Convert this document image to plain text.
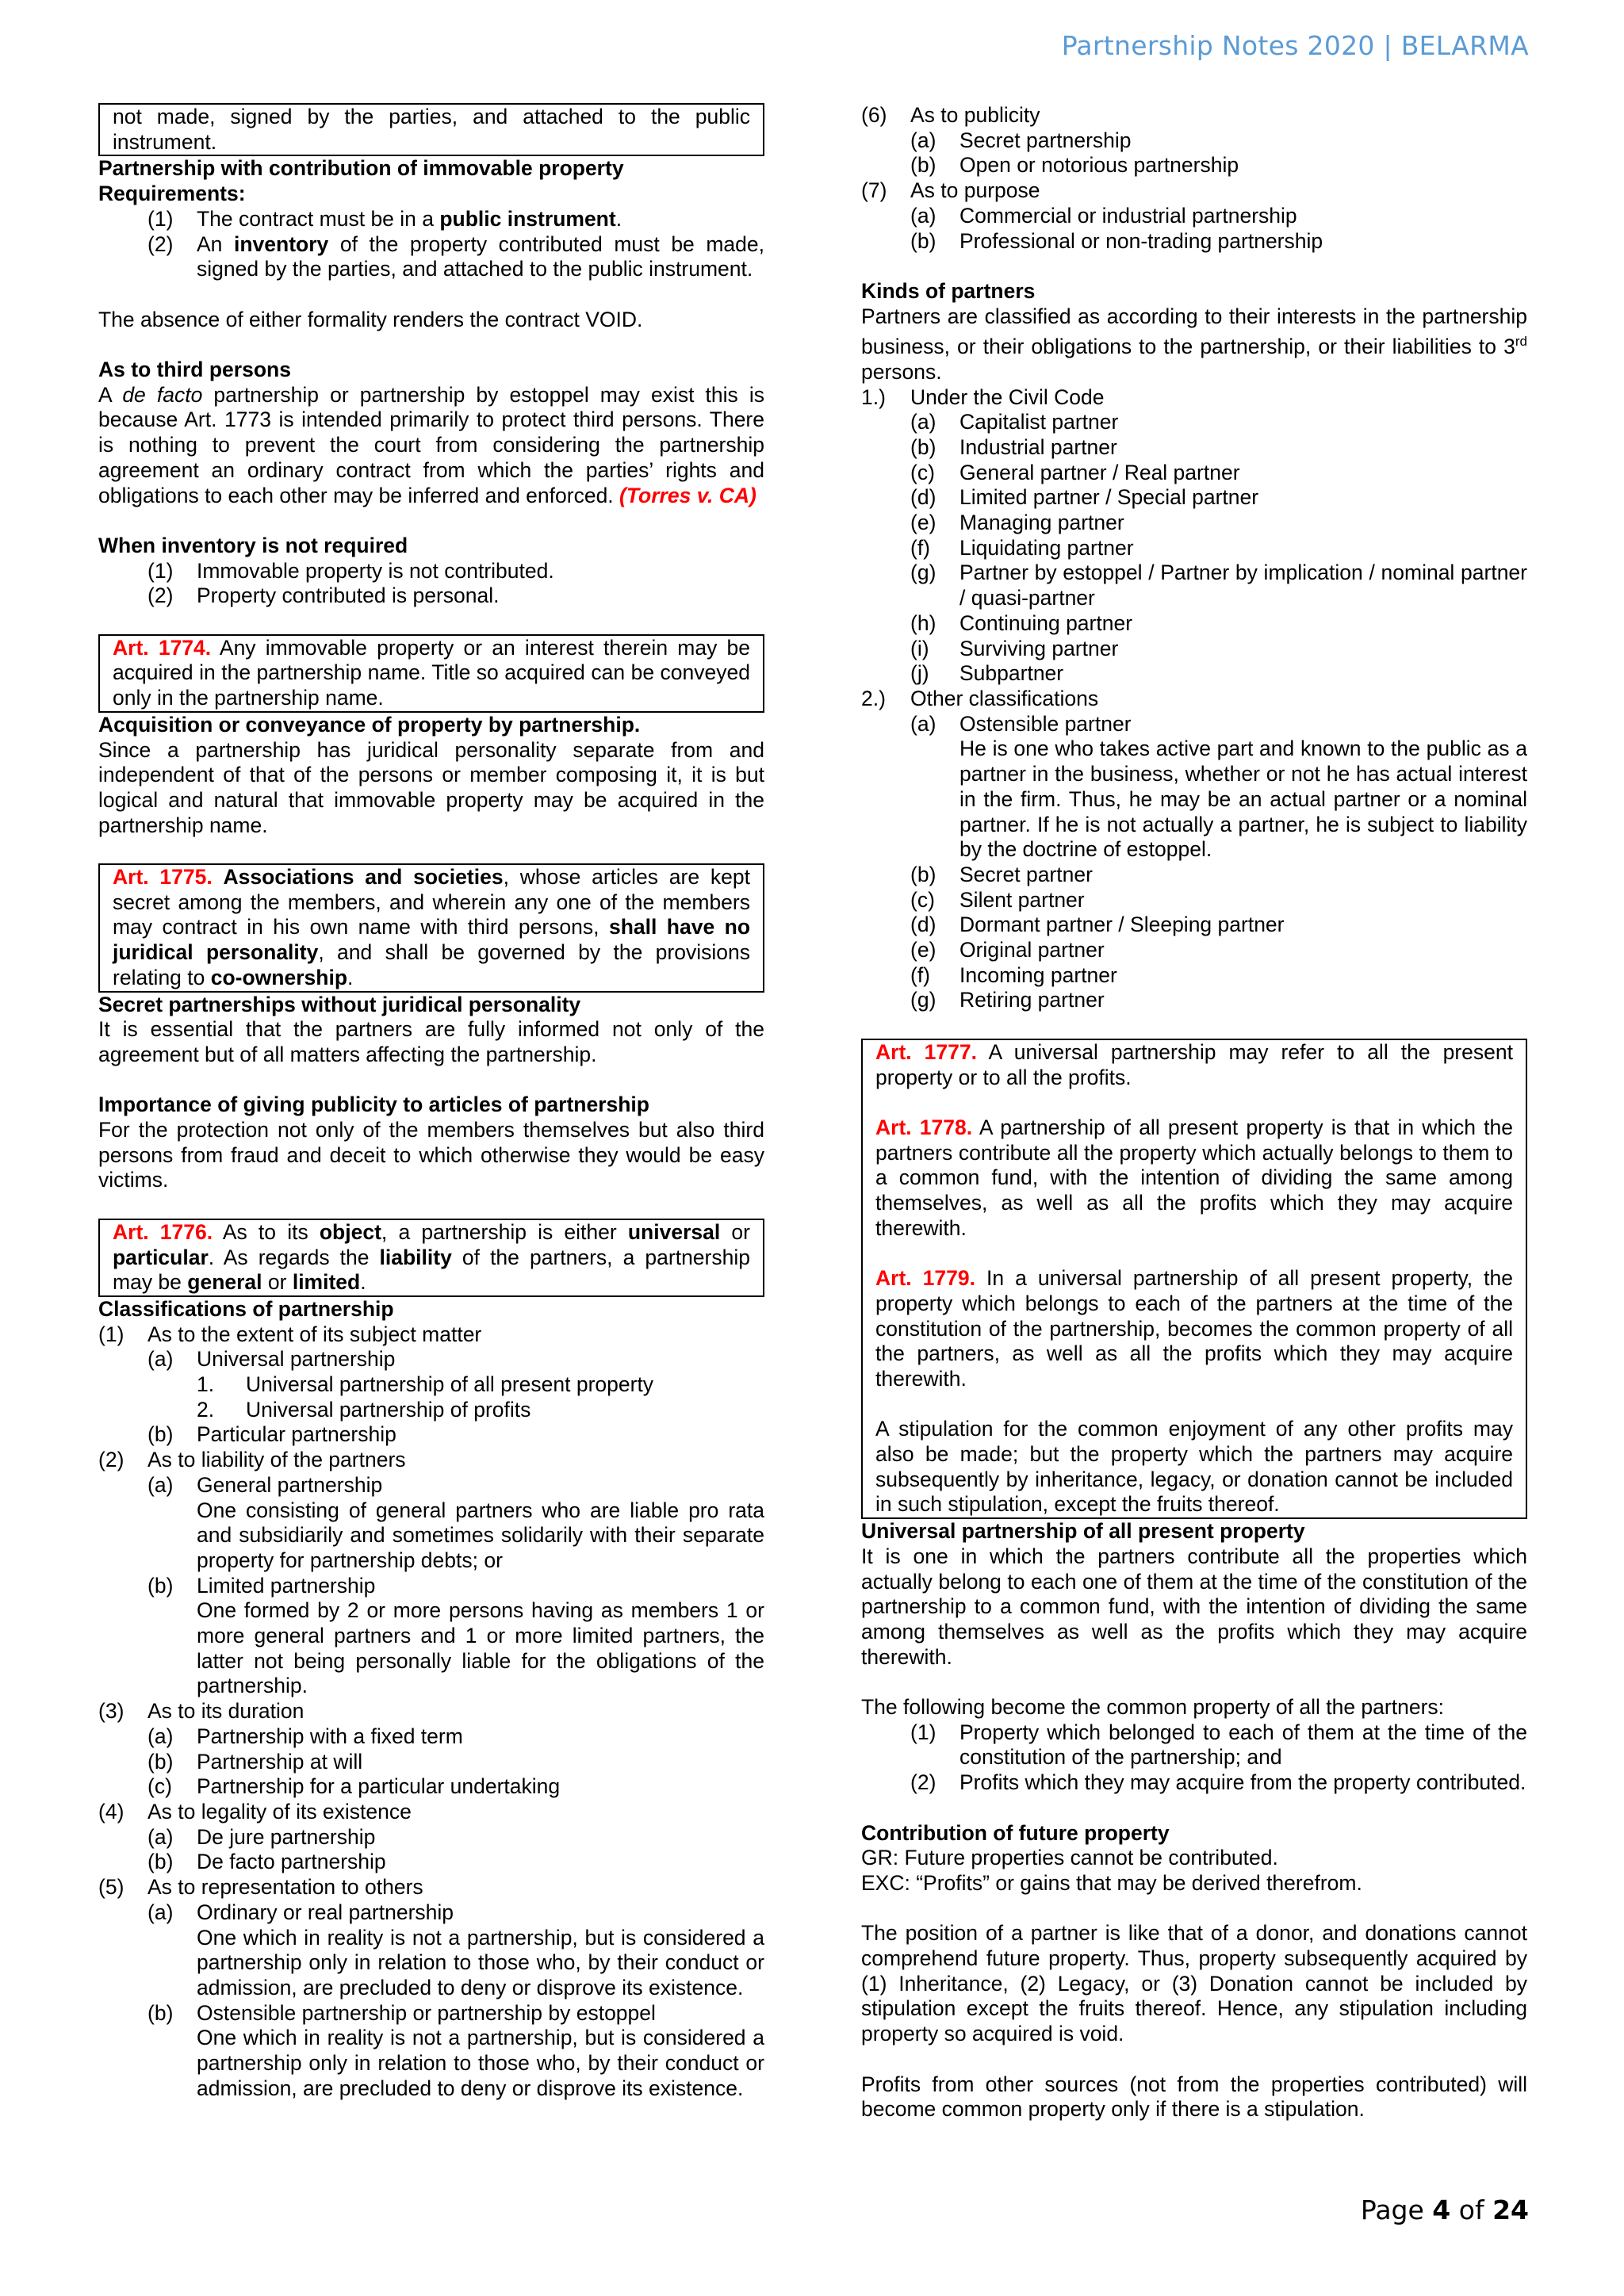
Partnership Notes 2020 | BELARMA

not made, signed by the parties, and attached to the public instrument.

Partnership with contribution of immovable property

Requirements:

(1)	The contract must be in a public instrument.
(2)	An inventory of the property contributed must be made, signed by the parties, and attached to the public instrument.

The absence of either formality renders the contract VOID.

As to third persons

A de facto partnership or partnership by estoppel may exist this is because Art. 1773 is intended primarily to protect third persons. There is nothing to prevent the court from considering the partnership agreement an ordinary contract from which the parties’ rights and obligations to each other may be inferred and enforced. (Torres v. CA)

When inventory is not required

(1)	Immovable property is not contributed.
(2)	Property contributed is personal.

Art. 1774. Any immovable property or an interest therein may be acquired in the partnership name. Title so acquired can be conveyed only in the partnership name.

Acquisition or conveyance of property by partnership.

Since a partnership has juridical personality separate from and independent of that of the persons or member composing it, it is but logical and natural that immovable property may be acquired in the partnership name.

Art. 1775. Associations and societies, whose articles are kept secret among the members, and wherein any one of the members may contract in his own name with third persons, shall have no juridical personality, and shall be governed by the provisions relating to co-ownership.

Secret partnerships without juridical personality

It is essential that the partners are fully informed not only of the agreement but of all matters affecting the partnership.

Importance of giving publicity to articles of partnership

For the protection not only of the members themselves but also third persons from fraud and deceit to which otherwise they would be easy victims.

Art. 1776. As to its object, a partnership is either universal or particular. As regards the liability of the partners, a partnership may be general or limited.

Classifications of partnership

(1)	As to the extent of its subject matter
(a)	Universal partnership
1.	Universal partnership of all present property
2.	Universal partnership of profits
(b)	Particular partnership
(2)	As to liability of the partners
(a)	General partnership

One consisting of general partners who are liable pro rata and subsidiarily and sometimes solidarily with their separate property for partnership debts; or

(b)	Limited partnership

One formed by 2 or more persons having as members 1 or more general partners and 1 or more limited partners, the latter not being personally liable for the obligations of the partnership.

(3)	As to its duration
(a)	Partnership with a fixed term
(b)	Partnership at will
(c)	Partnership for a particular undertaking
(4)	As to legality of its existence
(a)	De jure partnership
(b)	De facto partnership
(5)	As to representation to others
(a)	Ordinary or real partnership

One which in reality is not a partnership, but is considered a partnership only in relation to those who, by their conduct or admission, are precluded to deny or disprove its existence.

(b)	Ostensible partnership or partnership by estoppel

One which in reality is not a partnership, but is considered a partnership only in relation to those who, by their conduct or admission, are precluded to deny or disprove its existence.

(6)	As to publicity
(a)	Secret partnership
(b)	Open or notorious partnership
(7)	As to purpose
(a)	Commercial or industrial partnership
(b)	Professional or non-trading partnership

Kinds of partners

Partners are classified as according to their interests in the partnership business, or their obligations to the partnership, or their liabilities to 3rd persons.

1.)	Under the Civil Code
(a)	Capitalist partner
(b)	Industrial partner
(c)	General partner / Real partner
(d)	Limited partner / Special partner
(e)	Managing partner
(f)	Liquidating partner
(g)	Partner by estoppel / Partner by implication / nominal partner / quasi-partner
(h)	Continuing partner
(i)	Surviving partner
(j)	Subpartner
2.)	Other classifications
(a)	Ostensible partner

He is one who takes active part and known to the public as a partner in the business, whether or not he has actual interest in the firm. Thus, he may be an actual partner or a nominal partner. If he is not actually a partner, he is subject to liability by the doctrine of estoppel.

(b)	Secret partner
(c)	Silent partner
(d)	Dormant partner / Sleeping partner
(e)	Original partner
(f)	Incoming partner
(g)	Retiring partner

Art. 1777. A universal partnership may refer to all the present property or to all the profits.

Art. 1778. A partnership of all present property is that in which the partners contribute all the property which actually belongs to them to a common fund, with the intention of dividing the same among themselves, as well as all the profits which they may acquire therewith.

Art. 1779. In a universal partnership of all present property, the property which belongs to each of the partners at the time of the constitution of the partnership, becomes the common property of all the partners, as well as all the profits which they may acquire therewith.

A stipulation for the common enjoyment of any other profits may also be made; but the property which the partners may acquire subsequently by inheritance, legacy, or donation cannot be included in such stipulation, except the fruits thereof.

Universal partnership of all present property

It is one in which the partners contribute all the properties which actually belong to each one of them at the time of the constitution of the partnership to a common fund, with the intention of dividing the same among themselves as well as the profits which they may acquire therewith.

The following become the common property of all the partners:

(1)	Property which belonged to each of them at the time of the constitution of the partnership; and
(2)	Profits which they may acquire from the property contributed.

Contribution of future property

GR: Future properties cannot be contributed.

EXC: “Profits” or gains that may be derived therefrom.

The position of a partner is like that of a donor, and donations cannot comprehend future property. Thus, property subsequently acquired by (1) Inheritance, (2) Legacy, or (3) Donation cannot be included by stipulation except the fruits thereof. Hence, any stipulation including property so acquired is void.

Profits from other sources (not from the properties contributed) will become common property only if there is a stipulation.

Page 4 of 24
